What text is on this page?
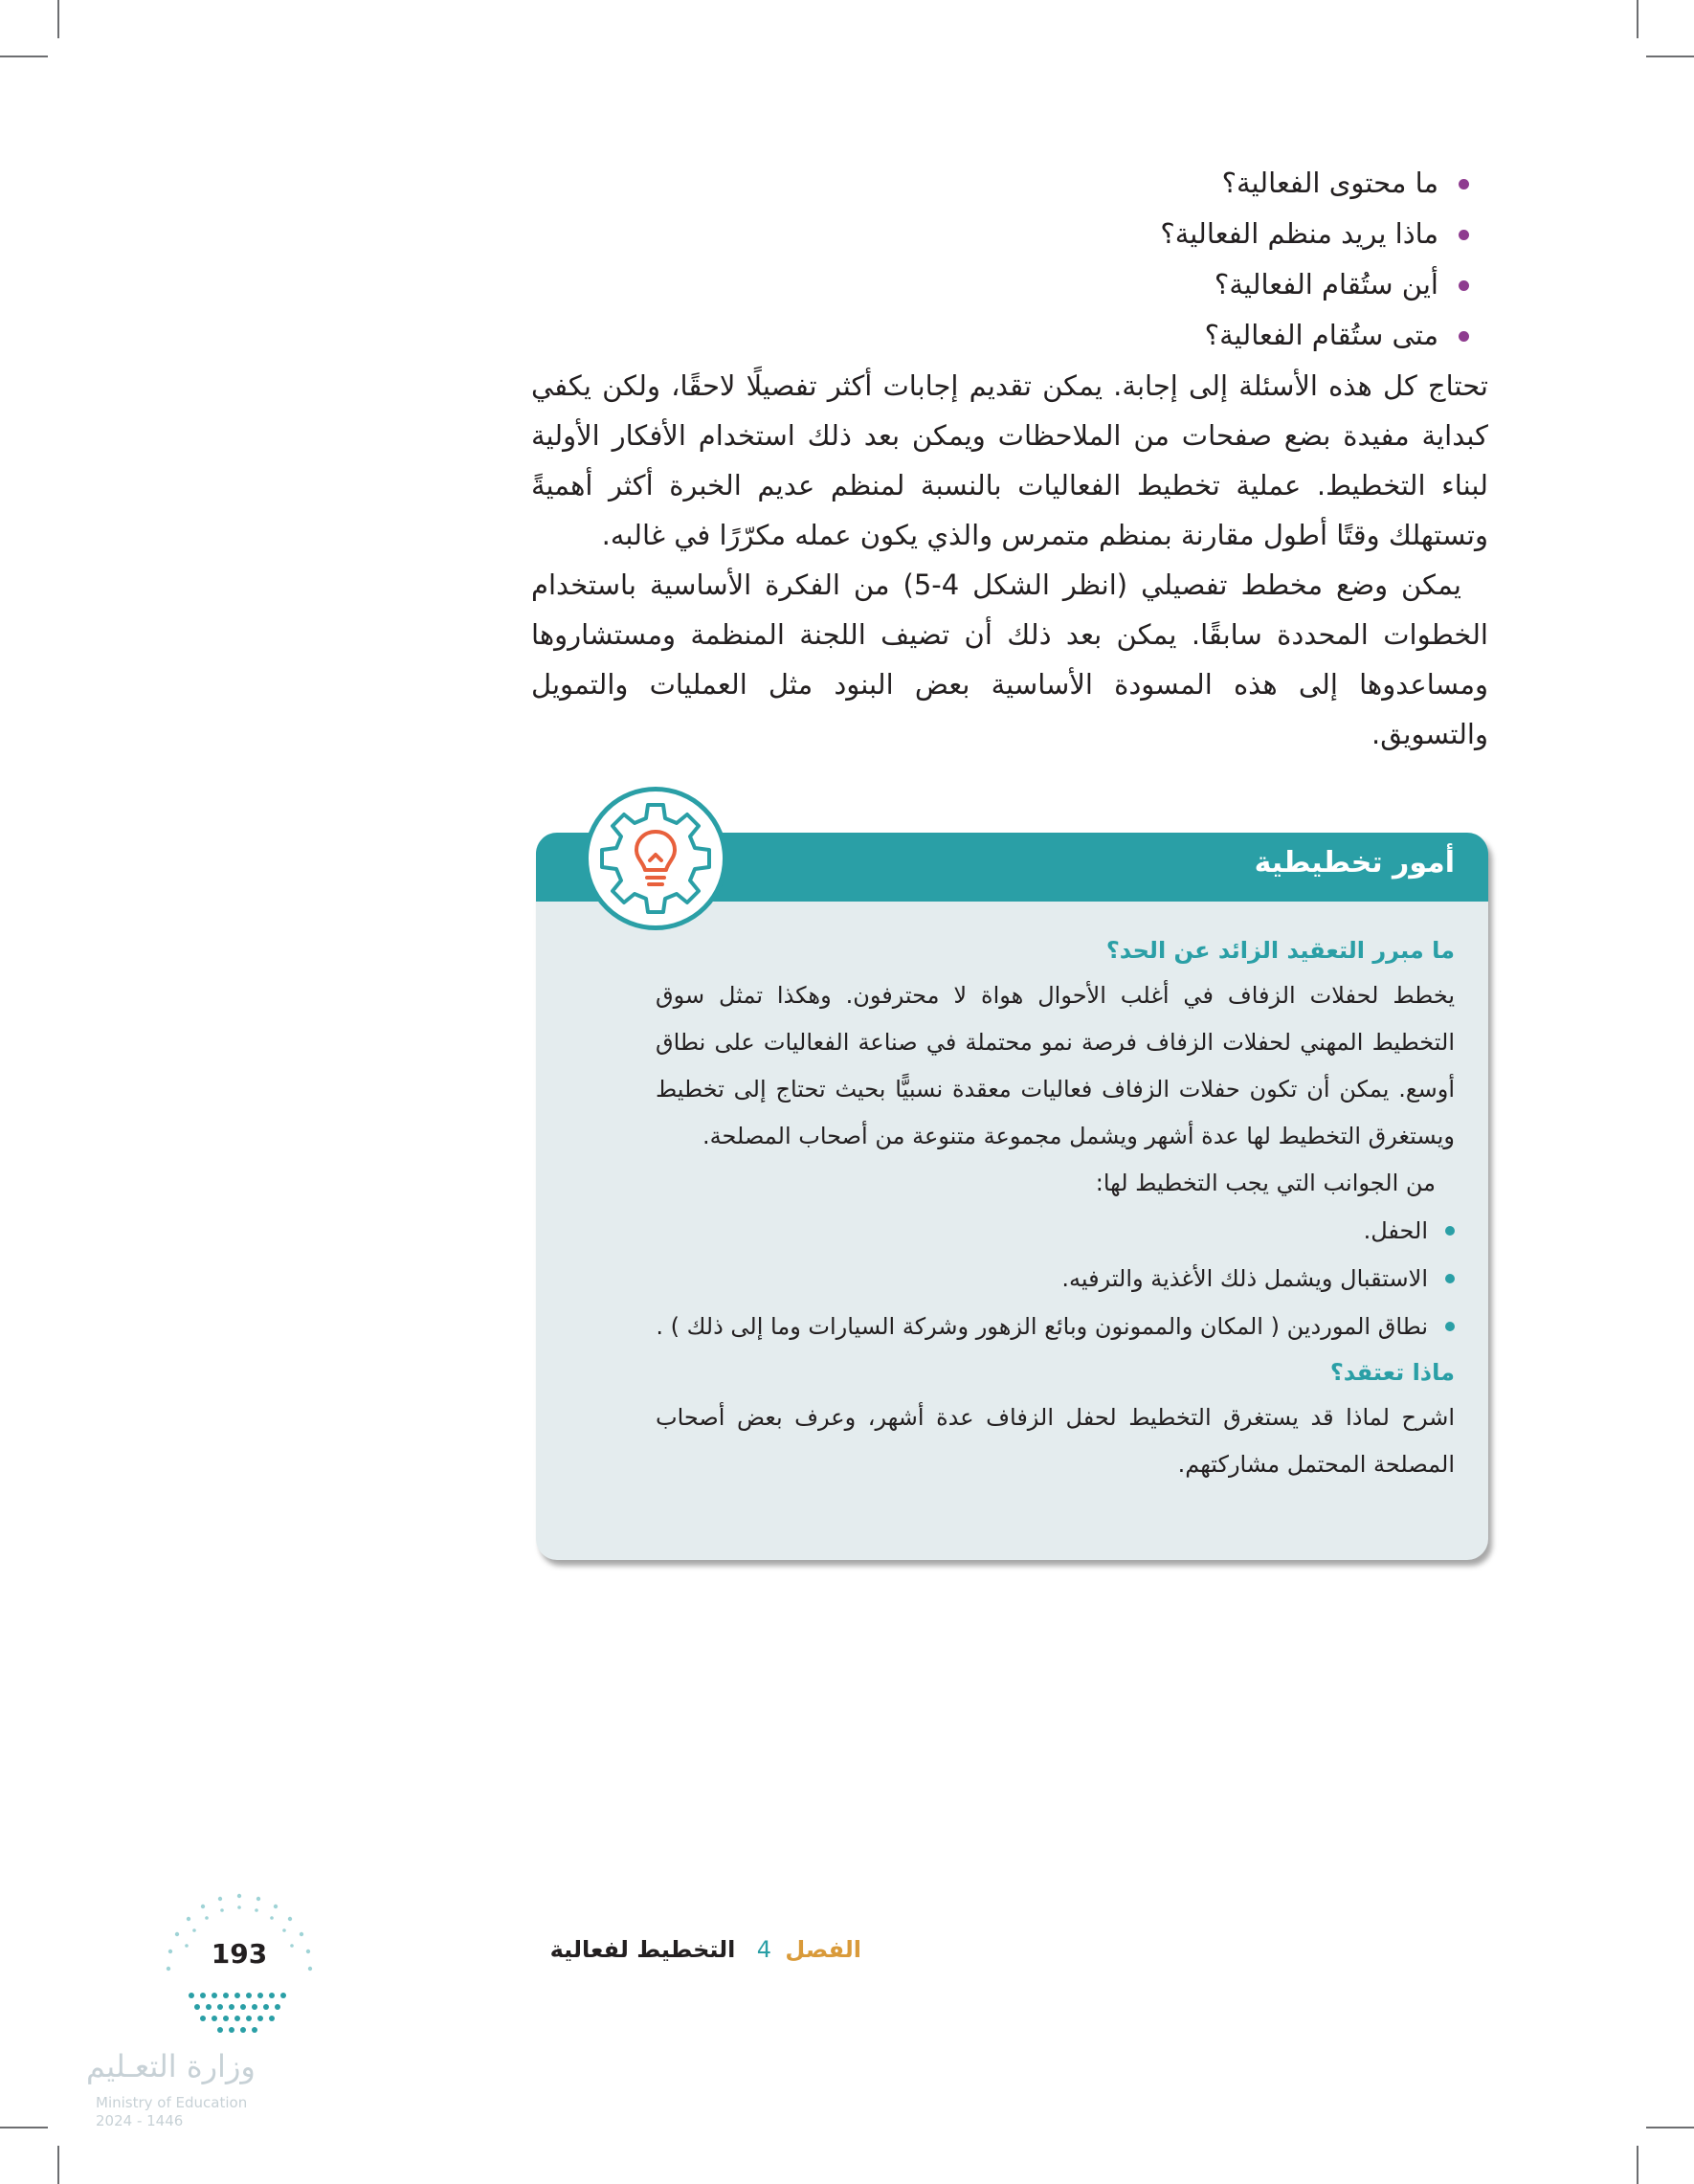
ما محتوى الفعالية؟
ماذا يريد منظم الفعالية؟
أين ستُقام الفعالية؟
متى ستُقام الفعالية؟

تحتاج كل هذه الأسئلة إلى إجابة. يمكن تقديم إجابات أكثر تفصيلًا لاحقًا، ولكن يكفي كبداية مفيدة بضع صفحات من الملاحظات ويمكن بعد ذلك استخدام الأفكار الأولية لبناء التخطيط. عملية تخطيط الفعاليات بالنسبة لمنظم عديم الخبرة أكثر أهميةً وتستهلك وقتًا أطول مقارنة بمنظم متمرس والذي يكون عمله مكرّرًا في غالبه.

يمكن وضع مخطط تفصيلي (انظر الشكل 4-5) من الفكرة الأساسية باستخدام الخطوات المحددة سابقًا. يمكن بعد ذلك أن تضيف اللجنة المنظمة ومستشاروها ومساعدوها إلى هذه المسودة الأساسية بعض البنود مثل العمليات والتمويل والتسويق.

أمور تخطيطية

ما مبرر التعقيد الزائد عن الحد؟

يخطط لحفلات الزفاف في أغلب الأحوال هواة لا محترفون. وهكذا تمثل سوق التخطيط المهني لحفلات الزفاف فرصة نمو محتملة في صناعة الفعاليات على نطاق أوسع. يمكن أن تكون حفلات الزفاف فعاليات معقدة نسبيًّا بحيث تحتاج إلى تخطيط ويستغرق التخطيط لها عدة أشهر ويشمل مجموعة متنوعة من أصحاب المصلحة.

من الجوانب التي يجب التخطيط لها:

الحفل.
الاستقبال ويشمل ذلك الأغذية والترفيه.
نطاق الموردين ( المكان والممونون وبائع الزهور وشركة السيارات وما إلى ذلك ) .

ماذا تعتقد؟

اشرح لماذا قد يستغرق التخطيط لحفل الزفاف عدة أشهر، وعرف بعض أصحاب المصلحة المحتمل مشاركتهم.

الفصل 4 التخطيط لفعالية
193
وزارة التعـليم
Ministry of Education
2024 - 1446
